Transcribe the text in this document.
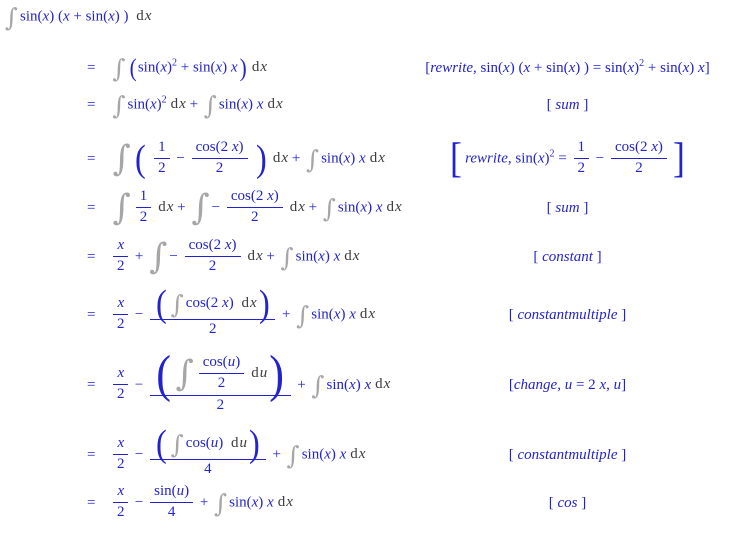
∫ sin(x) (x + sin(x) ) dx
= ∫ ( $\sin(x)^2 + \sin(x)$ x) dx	[rewrite, sin(x) (x + sin(x) ) = $\sin(x)^2 + \sin(x)$ x]
= ∫ $\sin(x)^2$ dx + ∫ sin(x) x dx	[ sum ]
= ∫ ( $\frac{1}{2} - \frac{\cos(2 x)}{2}$ ) dx + ∫ sin(x) x dx [ rewrite, $\sin(x)^2 = \frac{1}{2} - \frac{\cos(2 x)}{2}$ ]
= ∫ $\frac{1}{2}$ dx + ∫ − $\frac{\cos(2 x)}{2}$ dx + ∫ sin(x) x dx	[ sum ]
= $\frac{x}{2}$ + ∫ − $\frac{\cos(2 x)}{2}$ dx + ∫ sin(x) x dx	[ constant ]
= $\frac{x}{2} - \frac{( \int \cos(2 x) dx)}{2}$ + ∫ sin(x) x dx	[ constantmultiple ]
= $\frac{x}{2} - \frac{( \int \frac{\cos(u)}{2} du)}{2}$ + ∫ sin(x) x dx	[change, u = 2 x, u]
= $\frac{x}{2} - \frac{( \int \cos(u) du)}{4}$ + ∫ sin(x) x dx	[ constantmultiple ]
= $\frac{x}{2} - \frac{\sin(u)}{4}$ + ∫ sin(x) x dx	[ cos ]
